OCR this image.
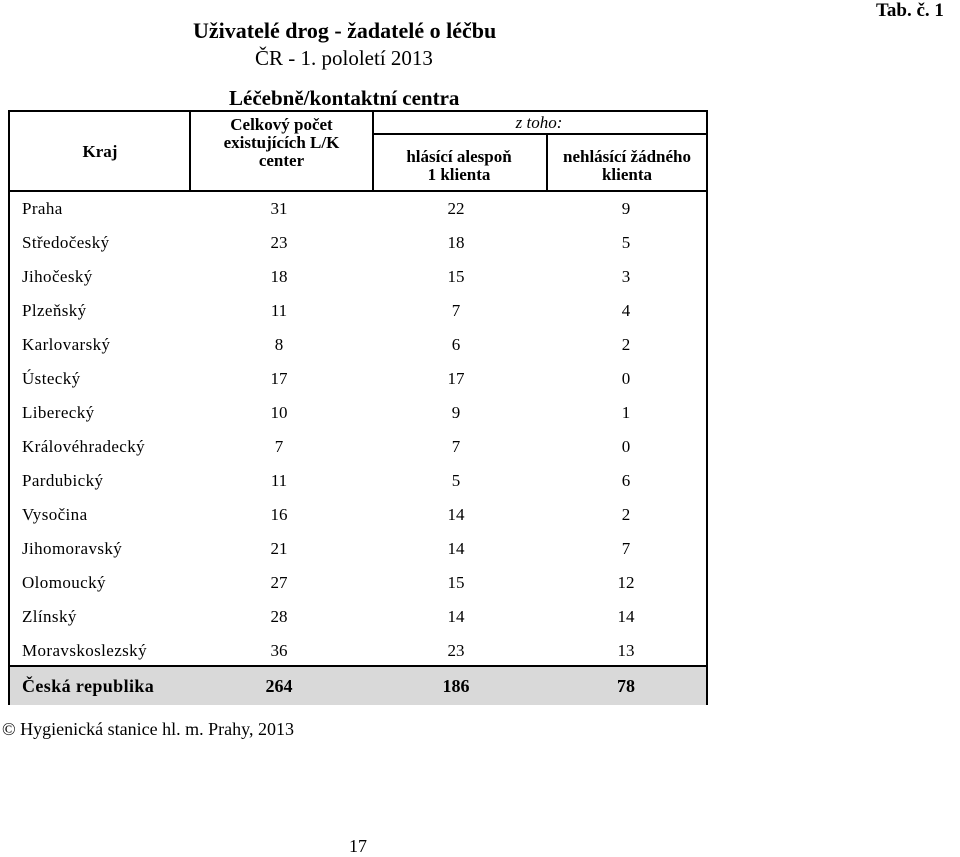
Uživatelé drog - žadatelé o léčbu
ČR - 1. pololetí 2013
Tab. č. 1
Léčebně/kontaktní centra
Kraj
Celkový počet
existujících L/K
center
z toho:
hlásící alespoň
1 klienta
nehlásící žádného
klienta
Praha	31	22	9
Středočeský	23	18	5
Jihočeský	18	15	3
Plzeňský	11	7	4
Karlovarský	8	6	2
Ústecký	17	17	0
Liberecký	10	9	1
Královéhradecký	7	7	0
Pardubický	11	5	6
Vysočina	16	14	2
Jihomoravský	21	14	7
Olomoucký	27	15	12
Zlínský	28	14	14
Moravskoslezský	36	23	13
Česká republika	264	186	78
© Hygienická stanice hl. m. Prahy, 2013
17
